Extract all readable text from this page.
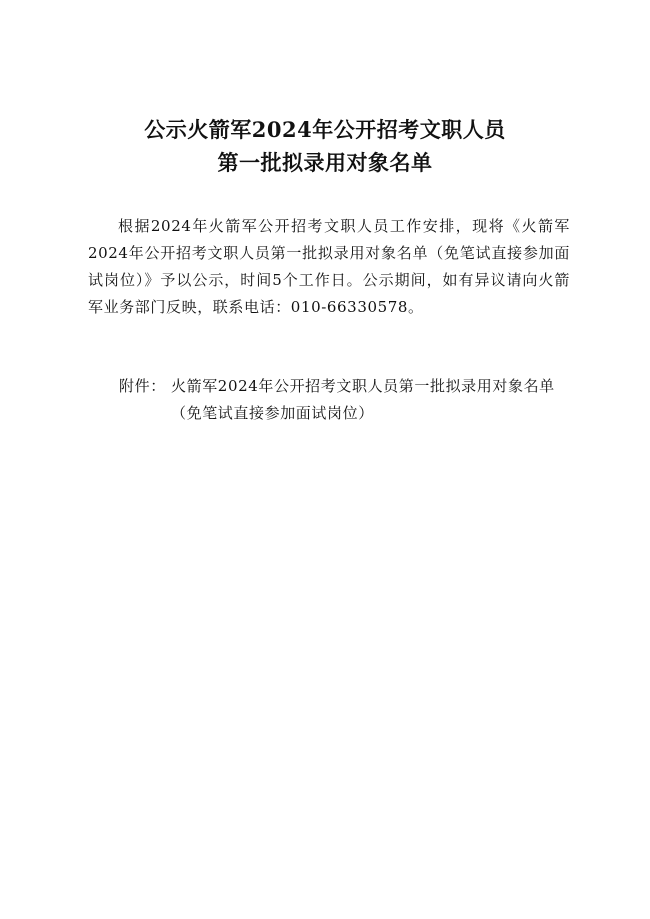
公示火箭军2024年公开招考文职人员
第一批拟录用对象名单
根据2024年火箭军公开招考文职人员工作安排，现将《火箭军2024年公开招考文职人员第一批拟录用对象名单（免笔试直接参加面试岗位）》予以公示，时间5个工作日。公示期间，如有异议请向火箭军业务部门反映，联系电话：010-66330578。
附件： 火箭军2024年公开招考文职人员第一批拟录用对象名单（免笔试直接参加面试岗位）
